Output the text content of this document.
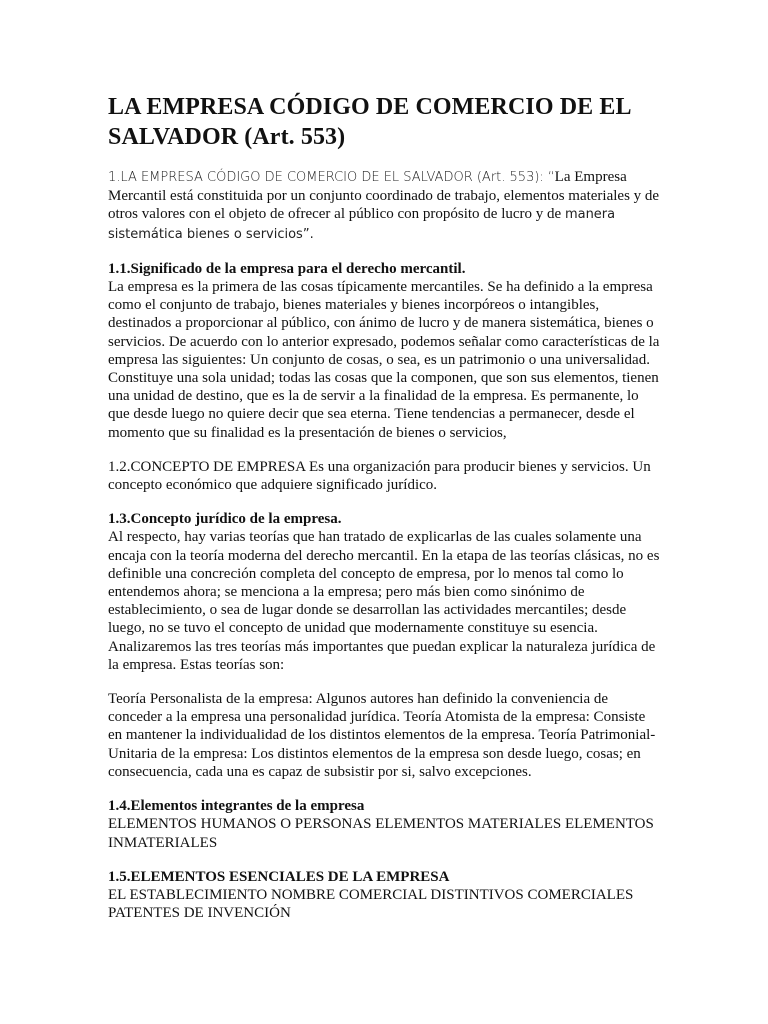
LA EMPRESA CÓDIGO DE COMERCIO DE EL SALVADOR (Art. 553)

1.LA EMPRESA CÓDIGO DE COMERCIO DE EL SALVADOR (Art. 553): “La Empresa Mercantil está constituida por un conjunto coordinado de trabajo, elementos materiales y de otros valores con el objeto de ofrecer al público con propósito de lucro y de manera sistemática bienes o servicios”.

1.1.Significado de la empresa para el derecho mercantil.
La empresa es la primera de las cosas típicamente mercantiles. Se ha definido a la empresa como el conjunto de trabajo, bienes materiales y bienes incorpóreos o intangibles, destinados a proporcionar al público, con ánimo de lucro y de manera sistemática, bienes o servicios. De acuerdo con lo anterior expresado, podemos señalar como características de la empresa las siguientes: Un conjunto de cosas, o sea, es un patrimonio o una universalidad. Constituye una sola unidad; todas las cosas que la componen, que son sus elementos, tienen una unidad de destino, que es la de servir a la finalidad de la empresa. Es permanente, lo que desde luego no quiere decir que sea eterna. Tiene tendencias a permanecer, desde el momento que su finalidad es la presentación de bienes o servicios,
1.2.CONCEPTO DE EMPRESA Es una organización para producir bienes y servicios. Un concepto económico que adquiere significado jurídico.
1.3.Concepto jurídico de la empresa.
Al respecto, hay varias teorías que han tratado de explicarlas de las cuales solamente una encaja con la teoría moderna del derecho mercantil. En la etapa de las teorías clásicas, no es definible una concreción completa del concepto de empresa, por lo menos tal como lo entendemos ahora; se menciona a la empresa; pero más bien como sinónimo de establecimiento, o sea de lugar donde se desarrollan las actividades mercantiles; desde luego, no se tuvo el concepto de unidad que modernamente constituye su esencia. Analizaremos las tres teorías más importantes que puedan explicar la naturaleza jurídica de la empresa. Estas teorías son:
Teoría Personalista de la empresa: Algunos autores han definido la conveniencia de conceder a la empresa una personalidad jurídica. Teoría Atomista de la empresa: Consiste en mantener la individualidad de los distintos elementos de la empresa. Teoría Patrimonial-Unitaria de la empresa: Los distintos elementos de la empresa son desde luego, cosas; en consecuencia, cada una es capaz de subsistir por si, salvo excepciones.
1.4.Elementos integrantes de la empresa
ELEMENTOS HUMANOS O PERSONAS ELEMENTOS MATERIALES ELEMENTOS INMATERIALES
1.5.ELEMENTOS ESENCIALES DE LA EMPRESA
EL ESTABLECIMIENTO NOMBRE COMERCIAL DISTINTIVOS COMERCIALES PATENTES DE INVENCIÓN
